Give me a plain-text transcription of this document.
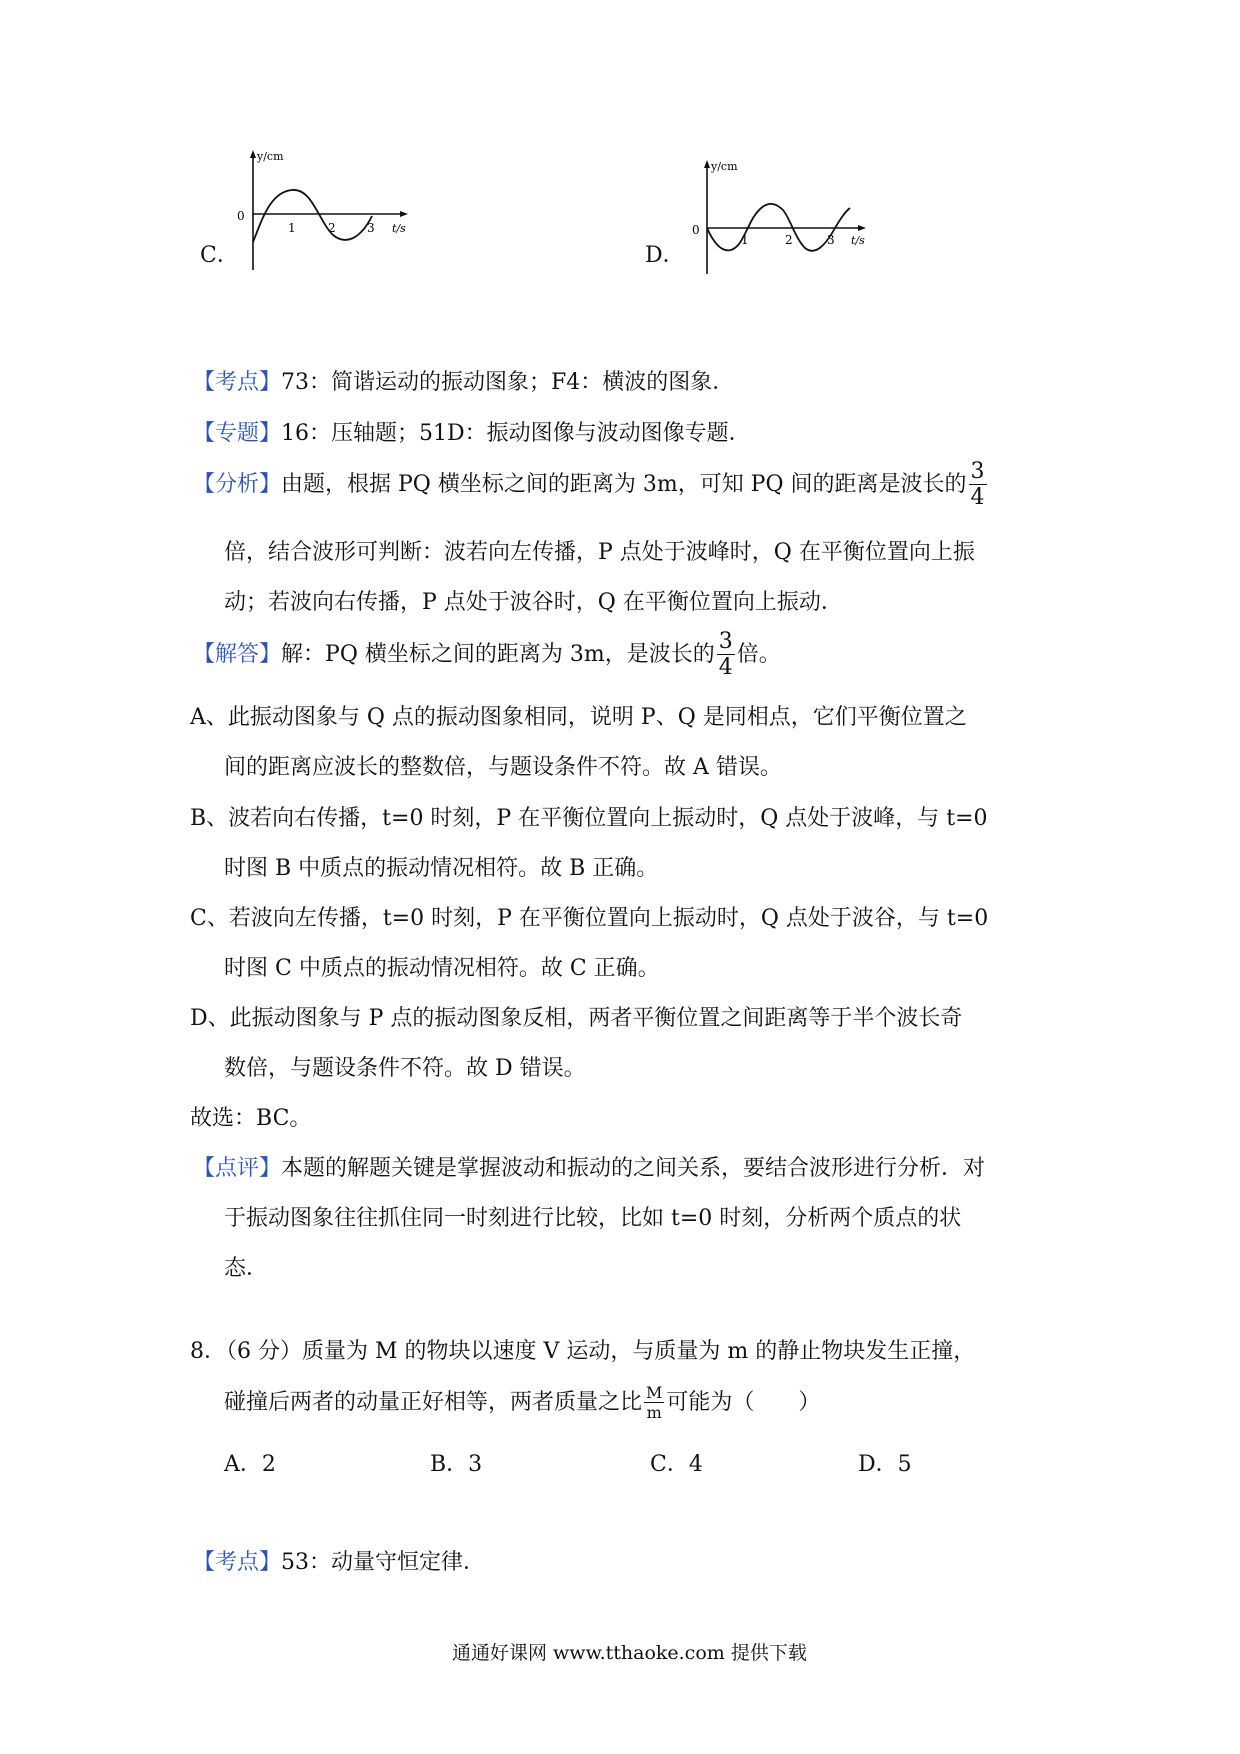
C．
y/cm
t/s
0
1	2	3
D．
y/cm
t/s
0
1	2	3
【考点】73：简谐运动的振动图象；F4：横波的图象．
【专题】16：压轴题；51D：振动图像与波动图像专题．
【分析】由题，根据 PQ 横坐标之间的距离为 3m，可知 PQ 间的距离是波长的 $\frac{3}{4}$
倍，结合波形可判断：波若向左传播，P 点处于波峰时，Q 在平衡位置向上振
动；若波向右传播，P 点处于波谷时，Q 在平衡位置向上振动．
【解答】解：PQ 横坐标之间的距离为 3m，是波长的 $\frac{3}{4}$ 倍。
A、此振动图象与 Q 点的振动图象相同，说明 P、Q 是同相点，它们平衡位置之
间的距离应波长的整数倍，与题设条件不符。故 A 错误。
B、波若向右传播，t=0 时刻，P 在平衡位置向上振动时，Q 点处于波峰，与 t=0
时图 B 中质点的振动情况相符。故 B 正确。
C、若波向左传播，t=0 时刻，P 在平衡位置向上振动时，Q 点处于波谷，与 t=0
时图 C 中质点的振动情况相符。故 C 正确。
D、此振动图象与 P 点的振动图象反相，两者平衡位置之间距离等于半个波长奇
数倍，与题设条件不符。故 D 错误。
故选：BC。
【点评】本题的解题关键是掌握波动和振动的之间关系，要结合波形进行分析．对
于振动图象往往抓住同一时刻进行比较，比如 t=0 时刻，分析两个质点的状
态．
8．（6 分）质量为 M 的物块以速度 V 运动，与质量为 m 的静止物块发生正撞，
碰撞后两者的动量正好相等，两者质量之比 $\frac{M}{m}$ 可能为（　　）
A．2	B．3	C．4	D．5
【考点】53：动量守恒定律．
通通好课网 www.tthaoke.com 提供下载
